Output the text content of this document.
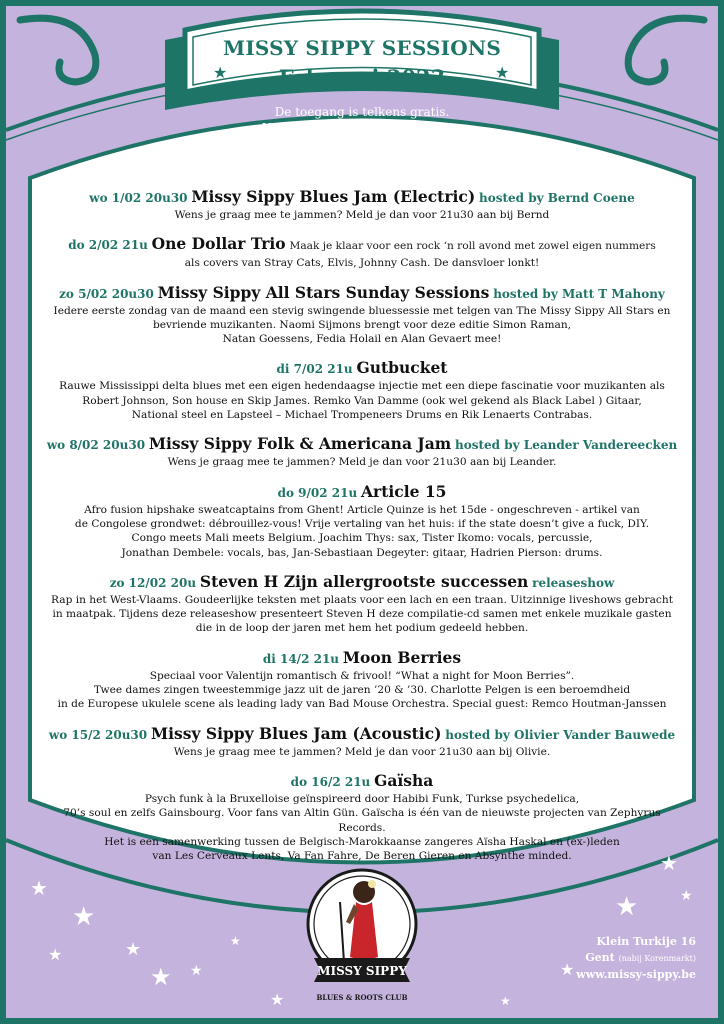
★	★
★
★
★	★
★ ★
★
★
★
★	★
★
★
MISSY SIPPY SESSIONS
Februari 2023
De toegang is telkens gratis.
Vrije bijdrage warm aanbevolen.
Wees gul. Wees lief.
wo 1/02 20u30 Missy Sippy Blues Jam (Electric) hosted by Bernd Coene
Wens je graag mee te jammen? Meld je dan voor 21u30 aan bij Bernd
do 2/02 21u One Dollar Trio Maak je klaar voor een rock ‘n roll avond met zowel eigen nummers
als covers van Stray Cats, Elvis, Johnny Cash. De dansvloer lonkt!
zo 5/02 20u30 Missy Sippy All Stars Sunday Sessions hosted by Matt T Mahony
Iedere eerste zondag van de maand een stevig swingende bluessessie met telgen van The Missy Sippy All Stars en
bevriende muzikanten. Naomi Sijmons brengt voor deze editie Simon Raman,
Natan Goessens, Fedia Holail en Alan Gevaert mee!
di 7/02 21u Gutbucket
Rauwe Mississippi delta blues met een eigen hedendaagse injectie met een diepe fascinatie voor muzikanten als
Robert Johnson, Son house en Skip James. Remko Van Damme (ook wel gekend als Black Label ) Gitaar,
National steel en Lapsteel – Michael Trompeneers Drums en Rik Lenaerts Contrabas.
wo 8/02 20u30 Missy Sippy Folk & Americana Jam hosted by Leander Vandereecken
Wens je graag mee te jammen? Meld je dan voor 21u30 aan bij Leander.
do 9/02 21u Article 15
Afro fusion hipshake sweatcaptains from Ghent! Article Quinze is het 15de - ongeschreven - artikel van
de Congolese grondwet: débrouillez-vous! Vrije vertaling van het huis: if the state doesn’t give a fuck, DIY.
Congo meets Mali meets Belgium. Joachim Thys: sax, Tister Ikomo: vocals, percussie,
Jonathan Dembele: vocals, bas, Jan-Sebastiaan Degeyter: gitaar, Hadrien Pierson: drums.
zo 12/02 20u Steven H Zijn allergrootste successen releaseshow
Rap in het West-Vlaams. Goudeerlijke teksten met plaats voor een lach en een traan. Uitzinnige liveshows gebracht
in maatpak. Tijdens deze releaseshow presenteert Steven H deze compilatie-cd samen met enkele muzikale gasten
die in de loop der jaren met hem het podium gedeeld hebben.
di 14/2 21u Moon Berries
Speciaal voor Valentijn romantisch & frivool! “What a night for Moon Berries”.
Twee dames zingen tweestemmige jazz uit de jaren ’20 & ’30. Charlotte Pelgen is een beroemdheid
in de Europese ukulele scene als leading lady van Bad Mouse Orchestra. Special guest: Remco Houtman-Janssen
wo 15/2 20u30 Missy Sippy Blues Jam (Acoustic) hosted by Olivier Vander Bauwede
Wens je graag mee te jammen? Meld je dan voor 21u30 aan bij Olivie.
do 16/2 21u Gaïsha
Psych funk à la Bruxelloise geïnspireerd door Habibi Funk, Turkse psychedelica,
70’s soul en zelfs Gainsbourg. Voor fans van Altin Gün. Gaïscha is één van de nieuwste projecten van Zephyrus Records.
Het is een samenwerking tussen de Belgisch-Marokkaanse zangeres Aïsha Haskal en (ex-)leden
van Les Cerveaux Lents, Va Fan Fahre, De Beren Gieren en Absynthe minded.
MISSY SIPPY
BLUES & ROOTS CLUB
Klein Turkije 16
Gent (nabij Korenmarkt)
www.missy-sippy.be
